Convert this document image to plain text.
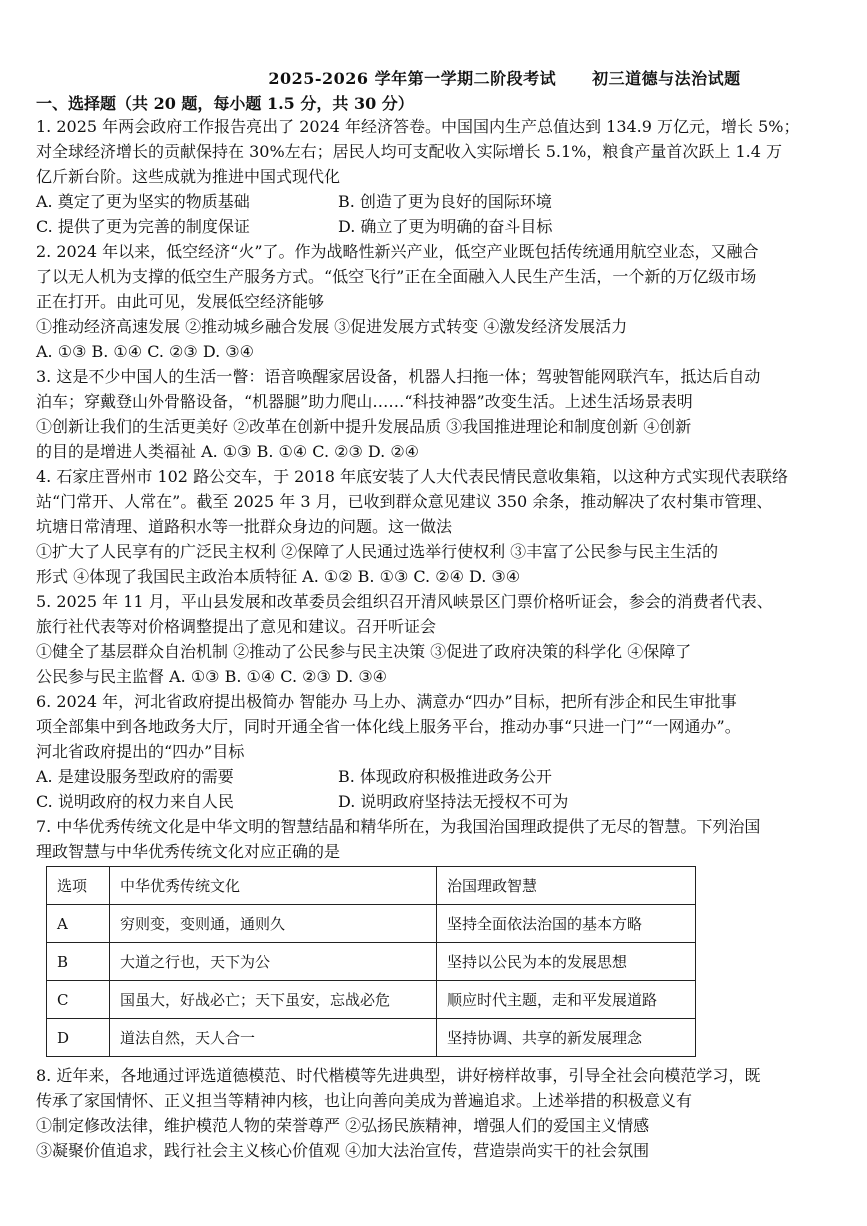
2025-2026 学年第一学期二阶段考试 初三道德与法治试题
一、选择题（共 20 题，每小题 1.5 分，共 30 分）
1. 2025 年两会政府工作报告亮出了 2024 年经济答卷。中国国内生产总值达到 134.9 万亿元，增长 5%；
对全球经济增长的贡献保持在 30%左右；居民人均可支配收入实际增长 5.1%，粮食产量首次跃上 1.4 万
亿斤新台阶。这些成就为推进中国式现代化
A. 奠定了更为坚实的物质基础	B. 创造了更为良好的国际环境
C. 提供了更为完善的制度保证	D. 确立了更为明确的奋斗目标
2. 2024 年以来，低空经济“火”了。作为战略性新兴产业，低空产业既包括传统通用航空业态，又融合
了以无人机为支撑的低空生产服务方式。“低空飞行”正在全面融入人民生产生活，一个新的万亿级市场
正在打开。由此可见，发展低空经济能够
①推动经济高速发展 ②推动城乡融合发展 ③促进发展方式转变 ④激发经济发展活力
A. ①③ B. ①④ C. ②③ D. ③④
3. 这是不少中国人的生活一瞥：语音唤醒家居设备，机器人扫拖一体；驾驶智能网联汽车，抵达后自动
泊车；穿戴登山外骨骼设备，“机器腿”助力爬山……“科技神器”改变生活。上述生活场景表明
①创新让我们的生活更美好 ②改革在创新中提升发展品质 ③我国推进理论和制度创新 ④创新
的目的是增进人类福祉 A. ①③ B. ①④ C. ②③ D. ②④
4. 石家庄晋州市 102 路公交车，于 2018 年底安装了人大代表民情民意收集箱，以这种方式实现代表联络
站“门常开、人常在”。截至 2025 年 3 月，已收到群众意见建议 350 余条，推动解决了农村集市管理、
坑塘日常清理、道路积水等一批群众身边的问题。这一做法
①扩大了人民享有的广泛民主权利 ②保障了人民通过选举行使权利 ③丰富了公民参与民主生活的
形式 ④体现了我国民主政治本质特征 A. ①② B. ①③ C. ②④ D. ③④
5. 2025 年 11 月，平山县发展和改革委员会组织召开清风峡景区门票价格听证会，参会的消费者代表、
旅行社代表等对价格调整提出了意见和建议。召开听证会
①健全了基层群众自治机制 ②推动了公民参与民主决策 ③促进了政府决策的科学化 ④保障了
公民参与民主监督 A. ①③ B. ①④ C. ②③ D. ③④
6. 2024 年，河北省政府提出极简办 智能办 马上办、满意办“四办”目标，把所有涉企和民生审批事
项全部集中到各地政务大厅，同时开通全省一体化线上服务平台，推动办事“只进一门”“一网通办”。
河北省政府提出的“四办”目标
A. 是建设服务型政府的需要	B. 体现政府积极推进政务公开
C. 说明政府的权力来自人民	D. 说明政府坚持法无授权不可为
7. 中华优秀传统文化是中华文明的智慧结晶和精华所在，为我国治国理政提供了无尽的智慧。下列治国
理政智慧与中华优秀传统文化对应正确的是
选项	中华优秀传统文化	治国理政智慧
A	穷则变，变则通，通则久	坚持全面依法治国的基本方略
B	大道之行也，天下为公	坚持以公民为本的发展思想
C	国虽大，好战必亡；天下虽安，忘战必危	顺应时代主题，走和平发展道路
D	道法自然，天人合一	坚持协调、共享的新发展理念
8. 近年来，各地通过评选道德模范、时代楷模等先进典型，讲好榜样故事，引导全社会向模范学习，既
传承了家国情怀、正义担当等精神内核，也让向善向美成为普遍追求。上述举措的积极意义有
①制定修改法律，维护模范人物的荣誉尊严 ②弘扬民族精神，增强人们的爱国主义情感
③凝聚价值追求，践行社会主义核心价值观 ④加大法治宣传，营造崇尚实干的社会氛围
